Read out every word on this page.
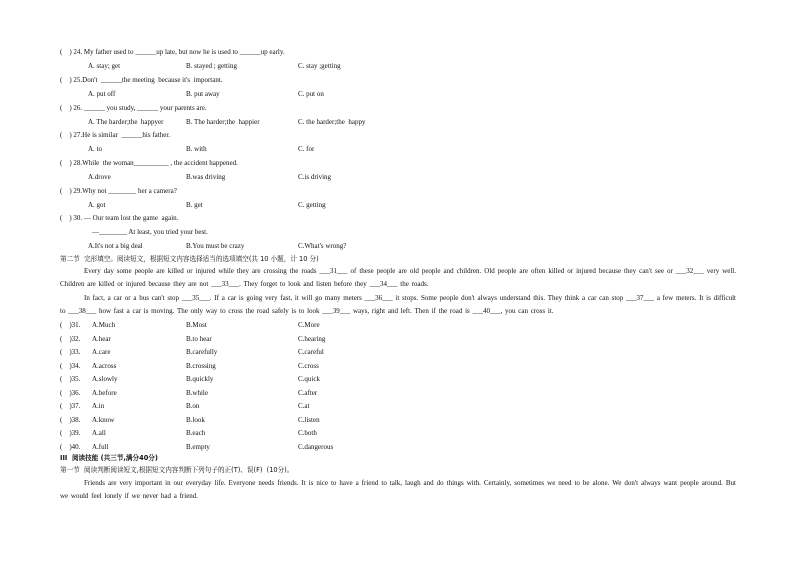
(    ) 24. My father used to ______up late, but now he is used to ______up early.
A. stay; get	B. stayed ; getting	C. stay ;getting
(    ) 25.Don't  ______the meeting  because it's  important.
A. put off	B. put away	C. put on
(    ) 26. ______ you study, ______ your parents are.
A. The harder;the  happyer	B. The harder;the  happier	C. the harder;the  happy
(    ) 27.He is similar  ______his father.
A. to	B. with	C. for
(    ) 28.While  the woman__________ , the accident happened.
A.drove	B.was driving	C.is driving
(    ) 29.Why not ________ her a camera?
A. got	B. get	C. getting
(    ) 30. — Our team lost the game  again.
—________ At least, you tried your best.
A.It's not a big deal	B.You must be crazy	C.What's wrong?
第二节  完形填空。阅读短文，根据短文内容选择适当的选项填空(共 10 小题，计 10 分)
Every day some people are killed or injured while they are crossing the roads ___31___ of these people are old people and children. Old people are often killed or injured because they can't see or ___32___ very well. Children are killed or injured because they are not ___33___. They forget to look and listen before they ___34___ the roads.
In fact, a car or a bus can't stop ___35___. If a car is going very fast, it will go many meters ___36___ it stops. Some people don't always understand this. They think a car can stop ___37___ a few meters. It is difficult to ___38___ how fast a car is moving. The only way to cross the road safely is to look ___39___ ways, right and left. Then if the road is ___40___, you can cross it.
(    )31. A.Much	B.Most	C.More
(    )32. A.hear	B.to hear	C.hearing
(    )33. A.care	B.carefully	C.careful
(    )34. A.across	B.crossing	C.cross
(    )35. A.slowly	B.quickly	C.quick
(    )36. A.before	B.while	C.after
(    )37. A.in	B.on	C.at
(    )38. A.know	B.look	C.listen
(    )39. A.all	B.each	C.both
(    )40. A.full	B.empty	C.dangerous
III  阅读技能 (共三节,满分40分)
第一节  阅读判断阅读短文,根据短文内容判断下列句子的正(T)、误(F)  (10分)。
Friends are very important in our everyday life. Everyone needs friends. It is nice to have a friend to talk, laugh and do things with. Certainly, sometimes we need to be alone. We don't always want people around. But we would feel lonely if we never had a friend.
